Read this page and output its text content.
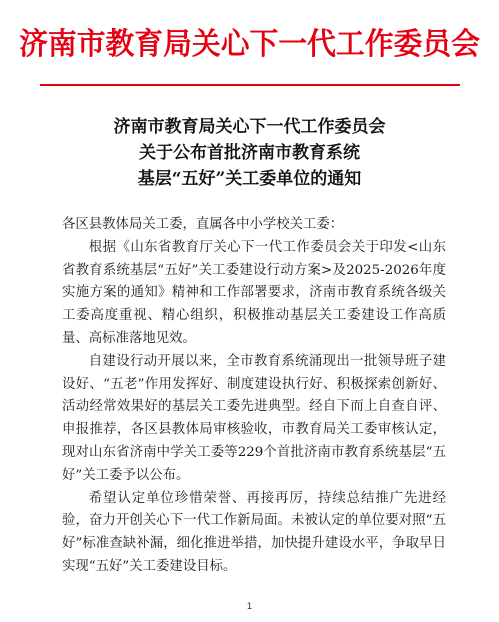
济南市教育局关心下一代工作委员会
济南市教育局关心下一代工作委员会
关于公布首批济南市教育系统
基层“五好”关工委单位的通知

各区县教体局关工委，直属各中小学校关工委：

根据《山东省教育厅关心下一代工作委员会关于印发<山东省教育系统基层“五好”关工委建设行动方案>及2025-2026年度实施方案的通知》精神和工作部署要求，济南市教育系统各级关工委高度重视、精心组织，积极推动基层关工委建设工作高质量、高标准落地见效。

自建设行动开展以来，全市教育系统涌现出一批领导班子建设好、“五老”作用发挥好、制度建设执行好、积极探索创新好、活动经常效果好的基层关工委先进典型。经自下而上自查自评、申报推荐，各区县教体局审核验收，市教育局关工委审核认定，现对山东省济南中学关工委等229个首批济南市教育系统基层“五好”关工委予以公布。

希望认定单位珍惜荣誉、再接再厉，持续总结推广先进经验，奋力开创关心下一代工作新局面。未被认定的单位要对照“五好”标准查缺补漏，细化推进举措，加快提升建设水平，争取早日实现“五好”关工委建设目标。

1
